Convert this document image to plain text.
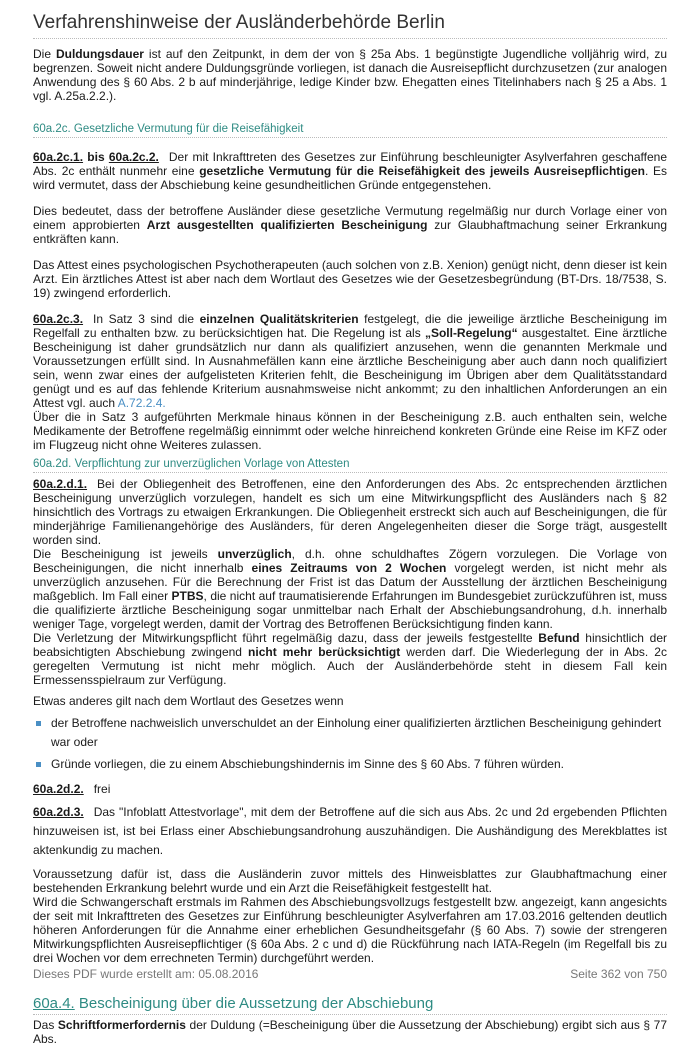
Verfahrenshinweise der Ausländerbehörde Berlin

Die Duldungsdauer ist auf den Zeitpunkt, in dem der von § 25a Abs. 1 begünstigte Jugendliche volljährig wird, zu begrenzen. Soweit nicht andere Duldungsgründe vorliegen, ist danach die Ausreisepflicht durchzusetzen (zur analogen Anwendung des § 60 Abs. 2 b auf minderjährige, ledige Kinder bzw. Ehegatten eines Titelinhabers nach § 25 a Abs. 1 vgl. A.25a.2.2.).

60a.2c. Gesetzliche Vermutung für die Reisefähigkeit

60a.2c.1. bis 60a.2c.2. Der mit Inkrafttreten des Gesetzes zur Einführung beschleunigter Asylverfahren geschaffene Abs. 2c enthält nunmehr eine gesetzliche Vermutung für die Reisefähigkeit des jeweils Ausreisepflichtigen. Es wird vermutet, dass der Abschiebung keine gesundheitlichen Gründe entgegenstehen.

Dies bedeutet, dass der betroffene Ausländer diese gesetzliche Vermutung regelmäßig nur durch Vorlage einer von einem approbierten Arzt ausgestellten qualifizierten Bescheinigung zur Glaubhaftmachung seiner Erkrankung entkräften kann.

Das Attest eines psychologischen Psychotherapeuten (auch solchen von z.B. Xenion) genügt nicht, denn dieser ist kein Arzt. Ein ärztliches Attest ist aber nach dem Wortlaut des Gesetzes wie der Gesetzesbegründung (BT-Drs. 18/7538, S. 19) zwingend erforderlich.

60a.2c.3. In Satz 3 sind die einzelnen Qualitätskriterien festgelegt, die die jeweilige ärztliche Bescheinigung im Regelfall zu enthalten bzw. zu berücksichtigen hat. Die Regelung ist als „Soll-Regelung“ ausgestaltet. Eine ärztliche Bescheinigung ist daher grundsätzlich nur dann als qualifiziert anzusehen, wenn die genannten Merkmale und Voraussetzungen erfüllt sind. In Ausnahmefällen kann eine ärztliche Bescheinigung aber auch dann noch qualifiziert sein, wenn zwar eines der aufgelisteten Kriterien fehlt, die Bescheinigung im Übrigen aber dem Qualitätsstandard genügt und es auf das fehlende Kriterium ausnahmsweise nicht ankommt; zu den inhaltlichen Anforderungen an ein Attest vgl. auch A.72.2.4.

Über die in Satz 3 aufgeführten Merkmale hinaus können in der Bescheinigung z.B. auch enthalten sein, welche Medikamente der Betroffene regelmäßig einnimmt oder welche hinreichend konkreten Gründe eine Reise im KFZ oder im Flugzeug nicht ohne Weiteres zulassen.

60a.2d. Verpflichtung zur unverzüglichen Vorlage von Attesten

60a.2.d.1. Bei der Obliegenheit des Betroffenen, eine den Anforderungen des Abs. 2c entsprechenden ärztlichen Bescheinigung unverzüglich vorzulegen, handelt es sich um eine Mitwirkungspflicht des Ausländers nach § 82 hinsichtlich des Vortrags zu etwaigen Erkrankungen. Die Obliegenheit erstreckt sich auch auf Bescheinigungen, die für minderjährige Familienangehörige des Ausländers, für deren Angelegenheiten dieser die Sorge trägt, ausgestellt worden sind.

Die Bescheinigung ist jeweils unverzüglich, d.h. ohne schuldhaftes Zögern vorzulegen. Die Vorlage von Bescheinigungen, die nicht innerhalb eines Zeitraums von 2 Wochen vorgelegt werden, ist nicht mehr als unverzüglich anzusehen. Für die Berechnung der Frist ist das Datum der Ausstellung der ärztlichen Bescheinigung maßgeblich. Im Fall einer PTBS, die nicht auf traumatisierende Erfahrungen im Bundesgebiet zurückzuführen ist, muss die qualifizierte ärztliche Bescheinigung sogar unmittelbar nach Erhalt der Abschiebungsandrohung, d.h. innerhalb weniger Tage, vorgelegt werden, damit der Vortrag des Betroffenen Berücksichtigung finden kann.

Die Verletzung der Mitwirkungspflicht führt regelmäßig dazu, dass der jeweils festgestellte Befund hinsichtlich der beabsichtigten Abschiebung zwingend nicht mehr berücksichtigt werden darf. Die Wiederlegung der in Abs. 2c geregelten Vermutung ist nicht mehr möglich. Auch der Ausländerbehörde steht in diesem Fall kein Ermessensspielraum zur Verfügung.

Etwas anderes gilt nach dem Wortlaut des Gesetzes wenn

der Betroffene nachweislich unverschuldet an der Einholung einer qualifizierten ärztlichen Bescheinigung gehindert war oder
Gründe vorliegen, die zu einem Abschiebungshindernis im Sinne des § 60 Abs. 7 führen würden.

60a.2d.2. frei

60a.2d.3. Das "Infoblatt Attestvorlage", mit dem der Betroffene auf die sich aus Abs. 2c und 2d ergebenden Pflichten hinzuweisen ist, ist bei Erlass einer Abschiebungsandrohung auszuhändigen. Die Aushändigung des Merekblattes ist aktenkundig zu machen.

Voraussetzung dafür ist, dass die Ausländerin zuvor mittels des Hinweisblattes zur Glaubhaftmachung einer bestehenden Erkrankung belehrt wurde und ein Arzt die Reisefähigkeit festgestellt hat.

Wird die Schwangerschaft erstmals im Rahmen des Abschiebungsvollzugs festgestellt bzw. angezeigt, kann angesichts der seit mit Inkrafttreten des Gesetzes zur Einführung beschleunigter Asylverfahren am 17.03.2016 geltenden deutlich höheren Anforderungen für die Annahme einer erheblichen Gesundheitsgefahr (§ 60 Abs. 7) sowie der strengeren Mitwirkungspflichten Ausreisepflichtiger (§ 60a Abs. 2 c und d) die Rückführung nach IATA-Regeln (im Regelfall bis zu drei Wochen vor dem errechneten Termin) durchgeführt werden.

60a.4. Bescheinigung über die Aussetzung der Abschiebung

Das Schriftformerfordernis der Duldung (=Bescheinigung über die Aussetzung der Abschiebung) ergibt sich aus § 77 Abs.

Dieses PDF wurde erstellt am: 05.08.2016	Seite 362 von 750
